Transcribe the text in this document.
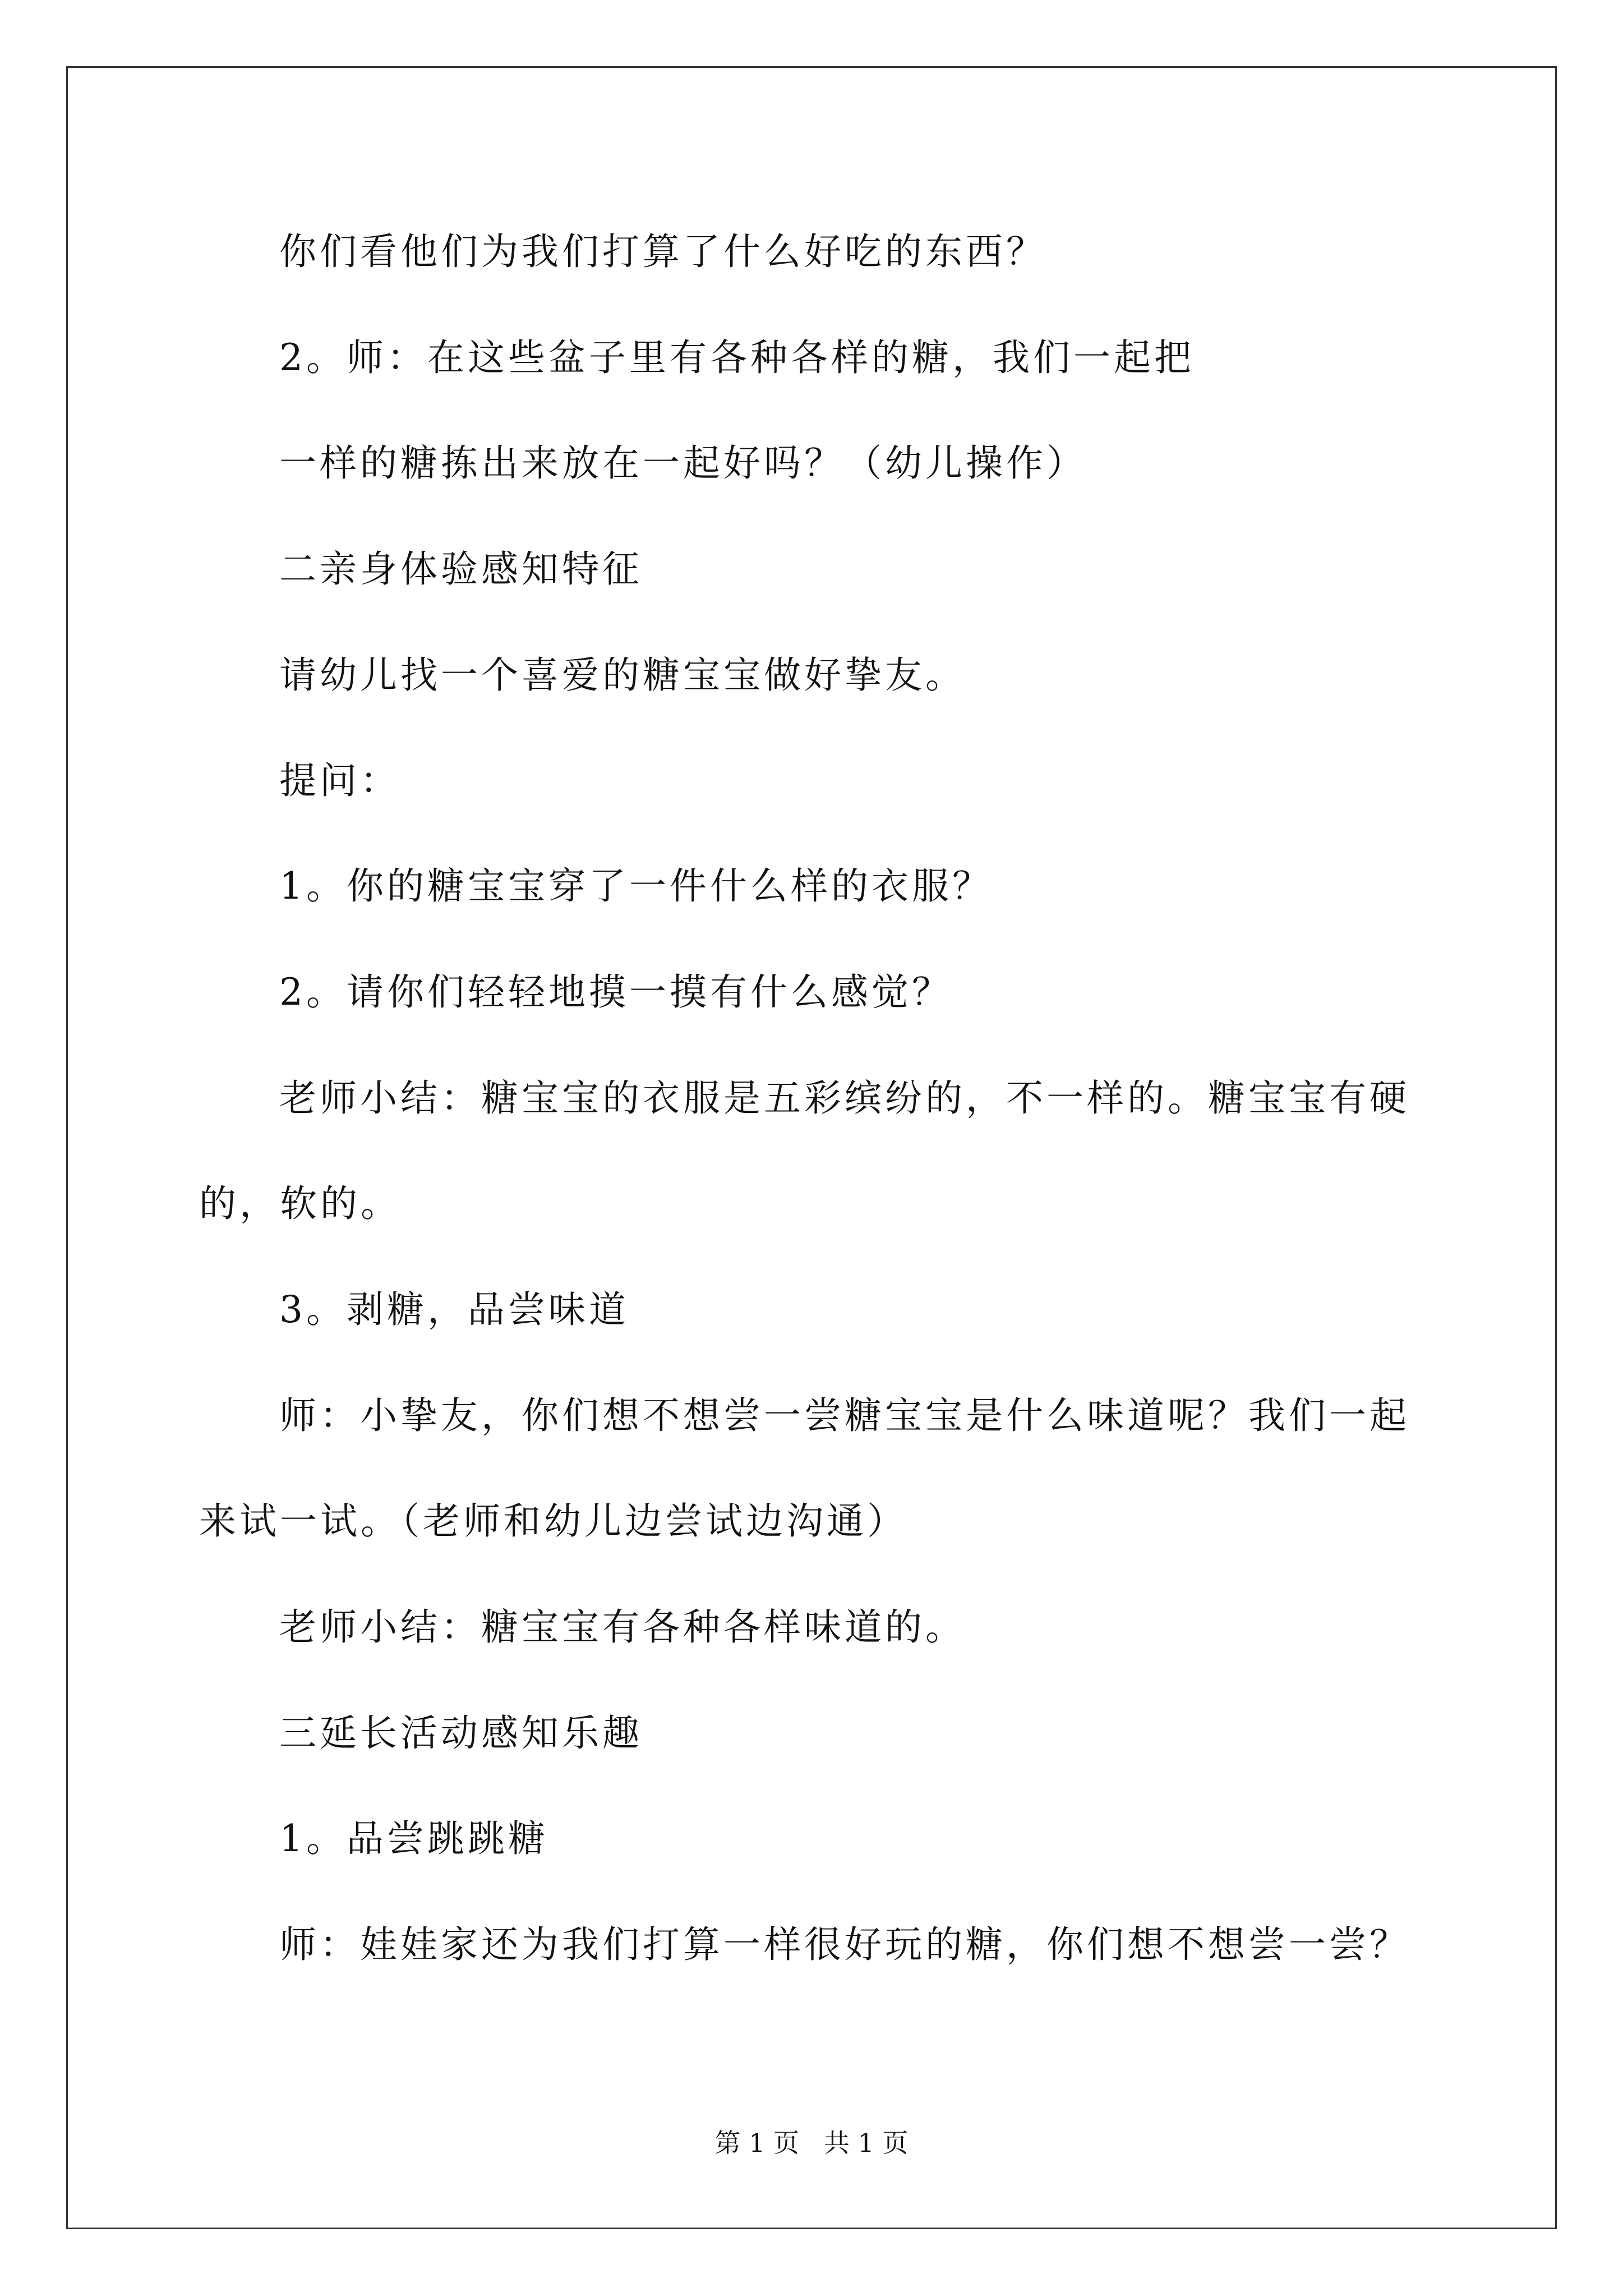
你们看他们为我们打算了什么好吃的东西？
2。师：在这些盆子里有各种各样的糖，我们一起把
一样的糖拣出来放在一起好吗？（幼儿操作）
二亲身体验感知特征
请幼儿找一个喜爱的糖宝宝做好挚友。
提问：
1。你的糖宝宝穿了一件什么样的衣服？
2。请你们轻轻地摸一摸有什么感觉？
老师小结：糖宝宝的衣服是五彩缤纷的，不一样的。糖宝宝有硬
的，软的。
3。剥糖，品尝味道
师：小挚友，你们想不想尝一尝糖宝宝是什么味道呢？我们一起
来试一试。（老师和幼儿边尝试边沟通）
老师小结：糖宝宝有各种各样味道的。
三延长活动感知乐趣
1。品尝跳跳糖
师：娃娃家还为我们打算一样很好玩的糖，你们想不想尝一尝？
第 1 页   共 1 页
